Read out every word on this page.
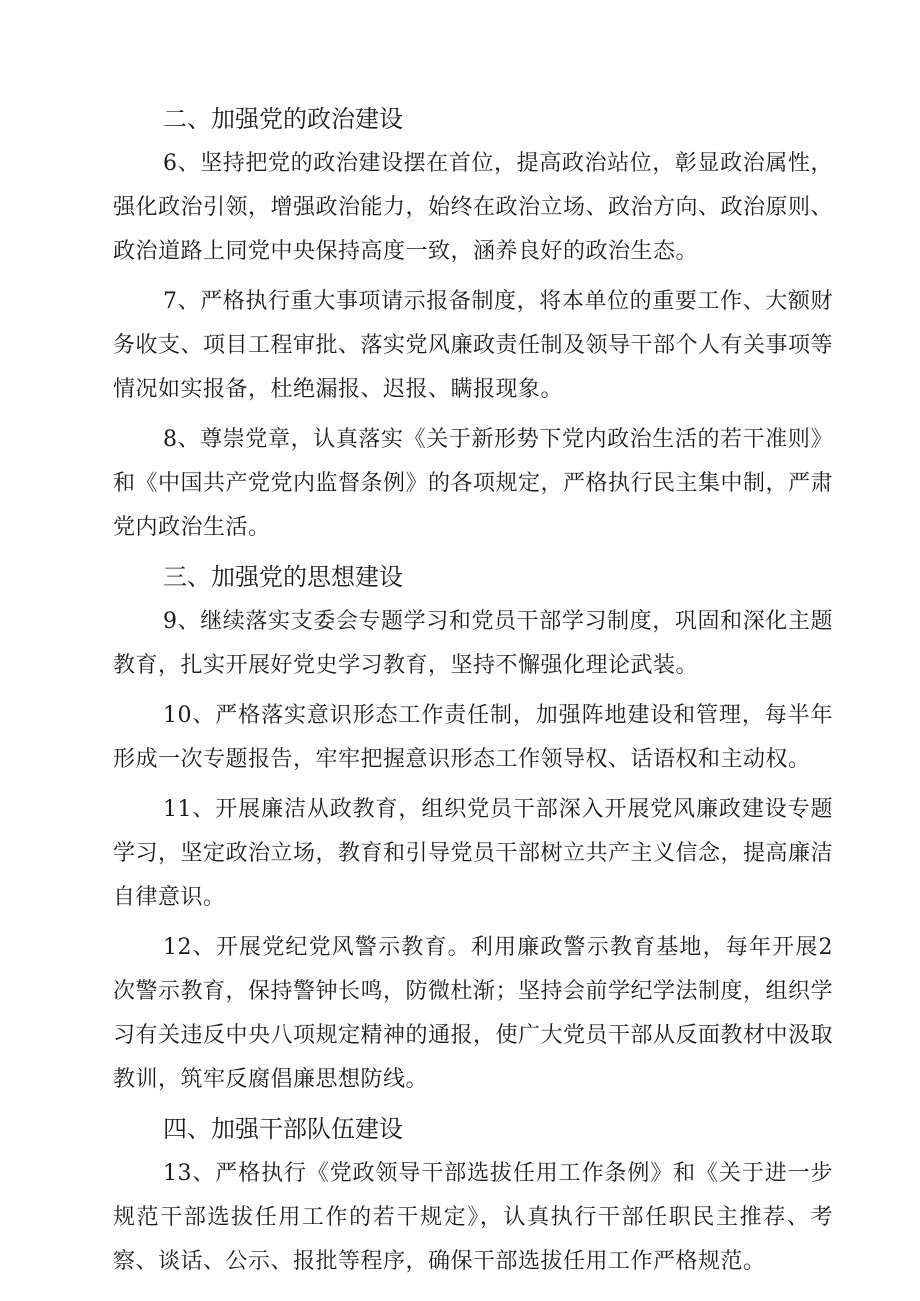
二、加强党的政治建设

6、坚持把党的政治建设摆在首位，提高政治站位，彰显政治属性，强化政治引领，增强政治能力，始终在政治立场、政治方向、政治原则、政治道路上同党中央保持高度一致，涵养良好的政治生态。

7、严格执行重大事项请示报备制度，将本单位的重要工作、大额财务收支、项目工程审批、落实党风廉政责任制及领导干部个人有关事项等情况如实报备，杜绝漏报、迟报、瞒报现象。

8、尊崇党章，认真落实《关于新形势下党内政治生活的若干准则》和《中国共产党党内监督条例》的各项规定，严格执行民主集中制，严肃党内政治生活。

三、加强党的思想建设

9、继续落实支委会专题学习和党员干部学习制度，巩固和深化主题教育，扎实开展好党史学习教育，坚持不懈强化理论武装。

10、严格落实意识形态工作责任制，加强阵地建设和管理，每半年形成一次专题报告，牢牢把握意识形态工作领导权、话语权和主动权。

11、开展廉洁从政教育，组织党员干部深入开展党风廉政建设专题学习，坚定政治立场，教育和引导党员干部树立共产主义信念，提高廉洁自律意识。

12、开展党纪党风警示教育。利用廉政警示教育基地，每年开展2次警示教育，保持警钟长鸣，防微杜渐；坚持会前学纪学法制度，组织学习有关违反中央八项规定精神的通报，使广大党员干部从反面教材中汲取教训，筑牢反腐倡廉思想防线。

四、加强干部队伍建设

13、严格执行《党政领导干部选拔任用工作条例》和《关于进一步规范干部选拔任用工作的若干规定》，认真执行干部任职民主推荐、考察、谈话、公示、报批等程序，确保干部选拔任用工作严格规范。
